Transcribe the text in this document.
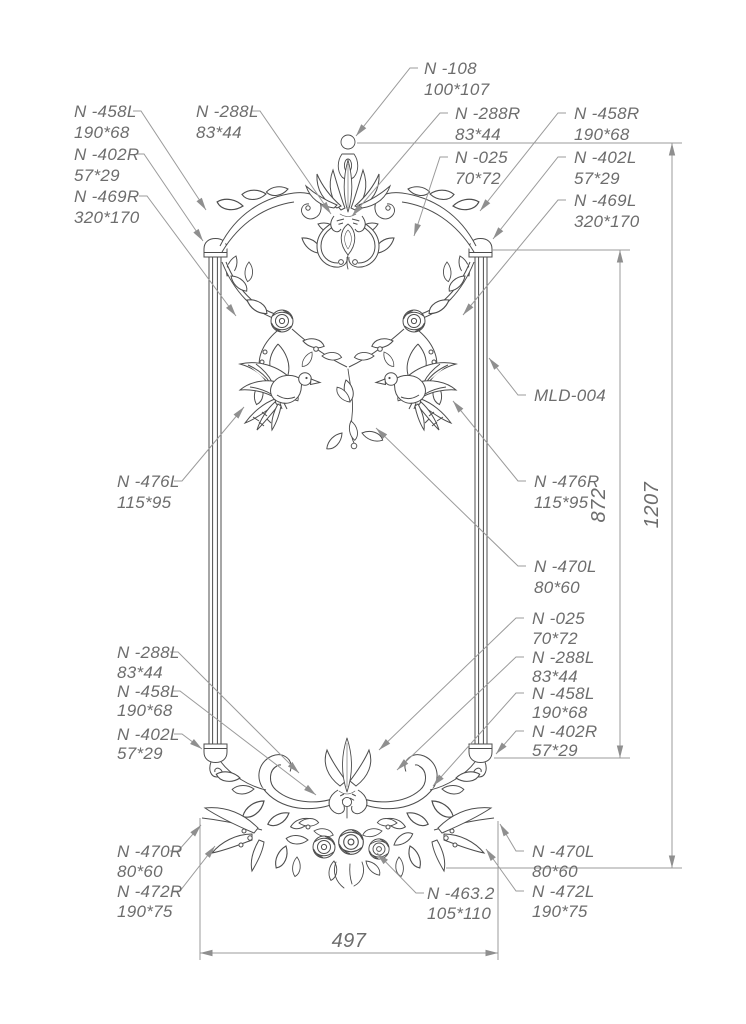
1207
872
497
N -458L
190*68
N -402R
57*29
N -469R
320*170
N -288L
83*44
N -108
100*107
N -288R
83*44
N -025
70*72
N -458R
190*68
N -402L
57*29
N -469L
320*170
MLD-004
N -476R
115*95
N -470L
80*60
N -476L
115*95
N -288L
83*44
N -458L
190*68
N -402L
57*29
N -025
70*72
N -288L
83*44
N -458L
190*68
N -402R
57*29
N -470R
80*60
N -472R
190*75
N -470L
80*60
N -472L
190*75
N -463.2
105*110
